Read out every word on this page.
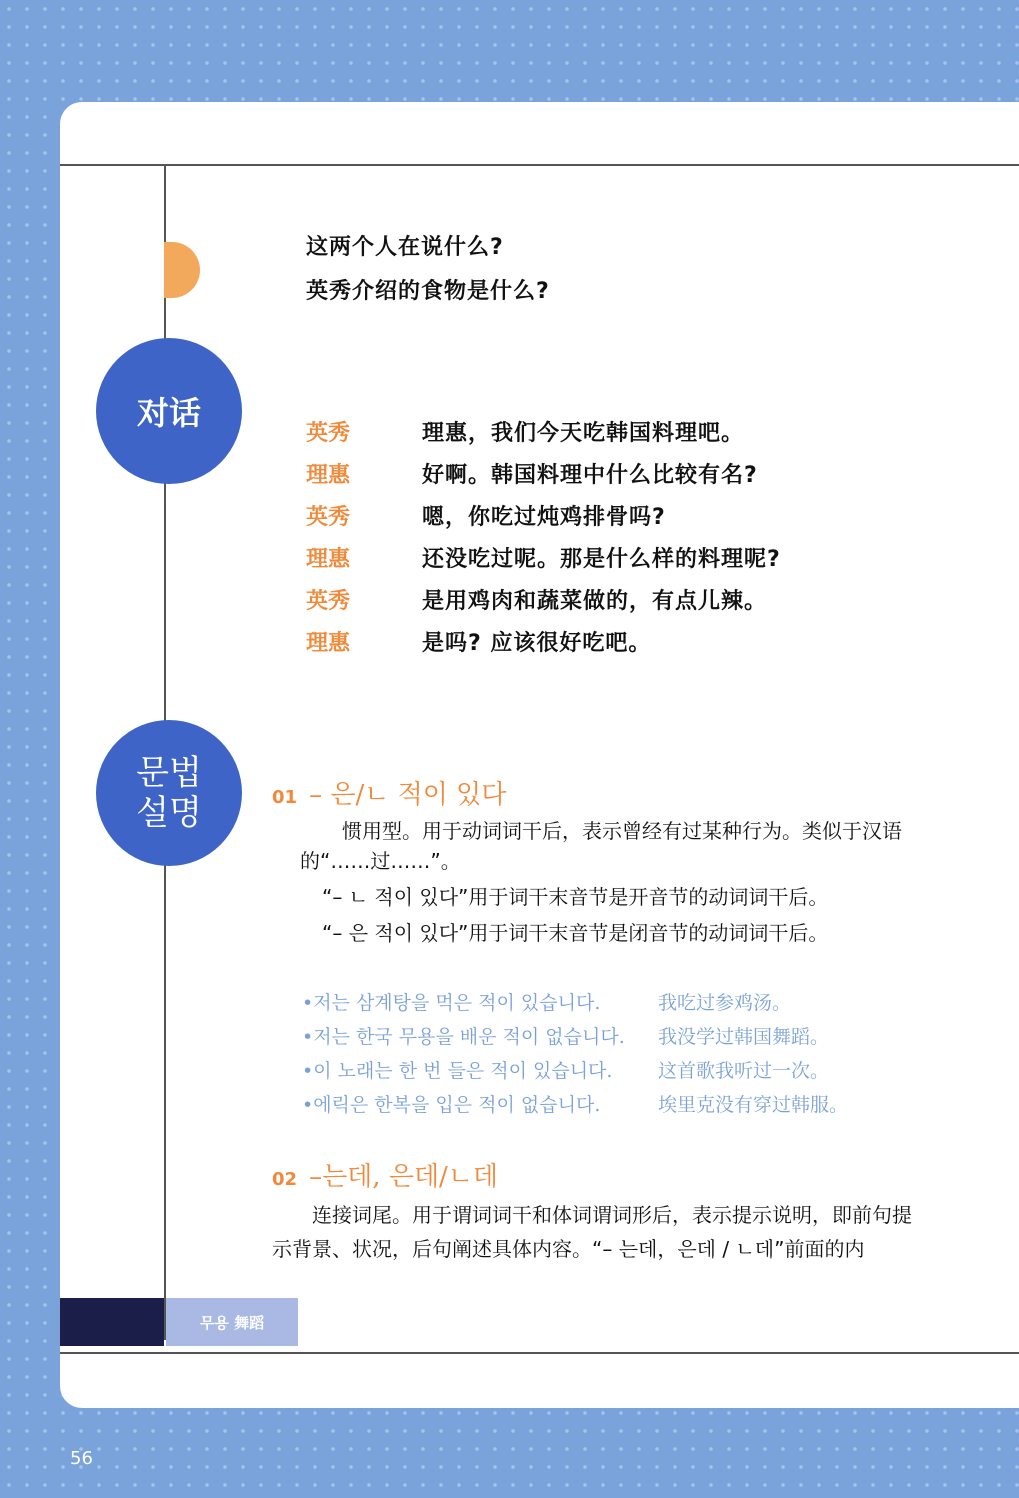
这两个人在说什么?
英秀介绍的食物是什么?
对话
英秀	理惠，我们今天吃韩国料理吧。
理惠	好啊。韩国料理中什么比较有名?
英秀	嗯，你吃过炖鸡排骨吗?
理惠	还没吃过呢。那是什么样的料理呢?
英秀	是用鸡肉和蔬菜做的，有点儿辣。
理惠	是吗? 应该很好吃吧。
문법
설명	01 – 은/ㄴ 적이 있다
惯用型。用于动词词干后，表示曾经有过某种行为。类似于汉语
的“……过……”。
“– ㄴ 적이 있다”用于词干末音节是开音节的动词词干后。
“– 은 적이 있다”用于词干末音节是闭音节的动词词干后。
•저는 삼계탕을 먹은 적이 있습니다.	我吃过参鸡汤。
•저는 한국 무용을 배운 적이 없습니다. 我没学过韩国舞蹈。
•이 노래는 한 번 들은 적이 있습니다. 这首歌我听过一次。
•에릭은 한복을 입은 적이 없습니다.	埃里克没有穿过韩服。
02 –는데, 은데/ㄴ데
连接词尾。用于谓词词干和体词谓词形后，表示提示说明，即前句提
示背景、状况，后句阐述具体内容。“– 는데，은데 / ㄴ데”前面的内
무용 舞蹈
56
